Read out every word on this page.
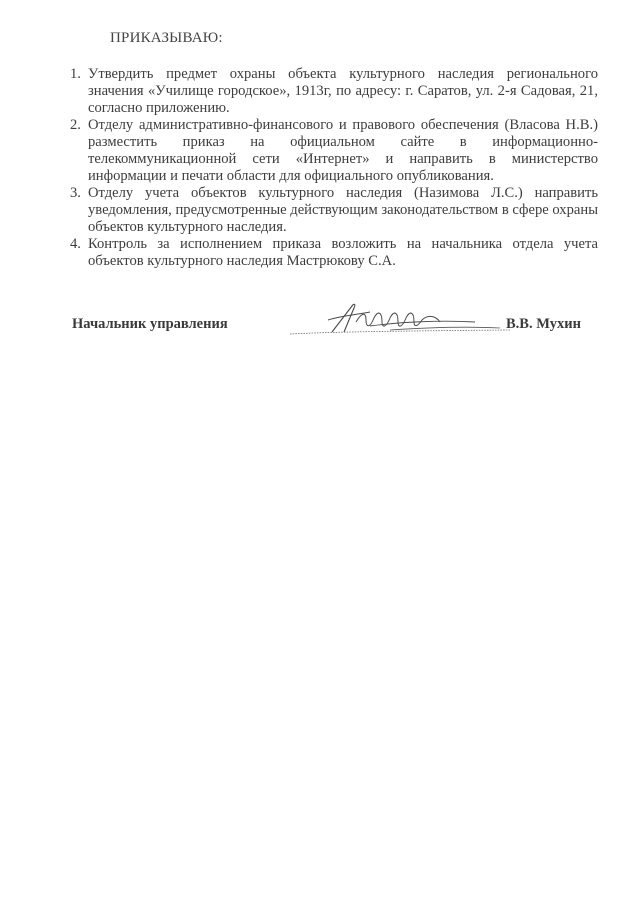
ПРИКАЗЫВАЮ:
1. Утвердить предмет охраны объекта культурного наследия регионального значения «Училище городское», 1913г, по адресу: г. Саратов, ул. 2-я Садовая, 21, согласно приложению.
2. Отделу административно-финансового и правового обеспечения (Власова Н.В.) разместить приказ на официальном сайте в информационно-телекоммуникационной сети «Интернет» и направить в министерство информации и печати области для официального опубликования.
3. Отделу учета объектов культурного наследия (Назимова Л.С.) направить уведомления, предусмотренные действующим законодательством в сфере охраны объектов культурного наследия.
4. Контроль за исполнением приказа возложить на начальника отдела учета объектов культурного наследия Мастрюкову С.А.
Начальник управления	В.В. Мухин
